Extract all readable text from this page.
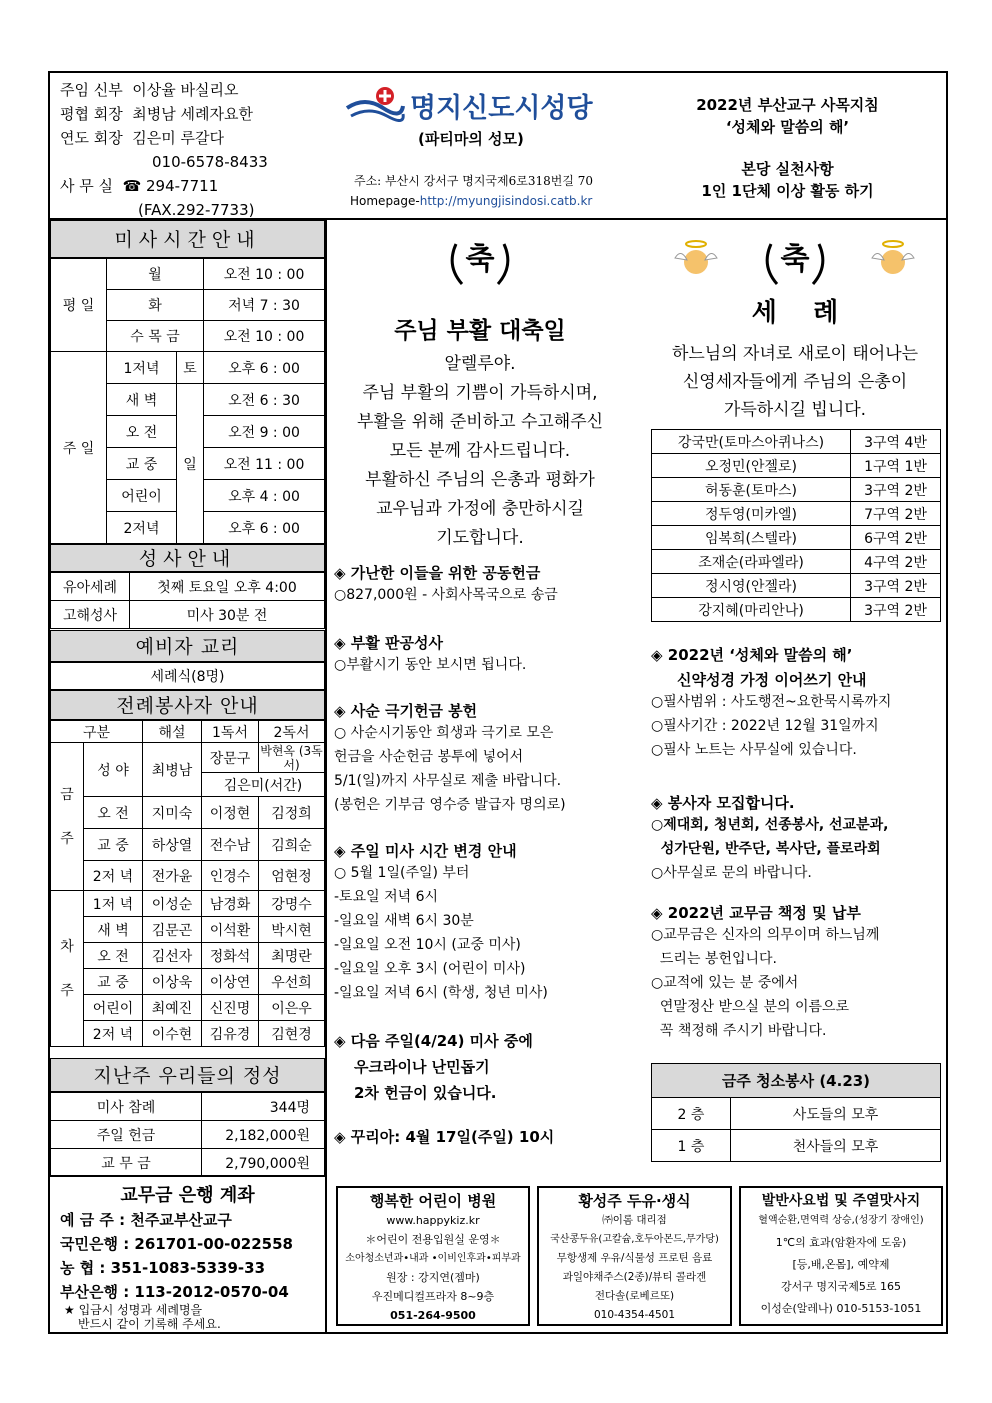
주임 신부 이상율 바실리오
평협 회장 최병남 세례자요한
연도 회장 김은미 루갈다
010-6578-8433
사 무 실 ☎ 294-7711
(FAX.292-7733)
명지신도시성당
(파티마의 성모)
주소: 부산시 강서구 명지국제6로318번길 70
Homepage-http://myungjisindosi.catb.kr
2022년 부산교구 사목지침
‘성체와 말씀의 해’
본당 실천사항
1인 1단체 이상 활동 하기
미사시간안내
평 일	월		오전 10 : 00
	화		저녁 7 : 30
	수 목 금		오전 10 : 00
주 일	1저녁	토	오후 6 : 00
	새 벽	일	오전 6 : 30
	오 전		오전 9 : 00
	교 중		오전 11 : 00
	어린이		오후 4 : 00
	2저녁		오후 6 : 00
성사안내
유아세례	첫째 토요일 오후 4:00
고해성사	미사 30분 전
예비자 교리
세례식(8명)
전례봉사자 안내
구분		해설	1독서	2독서
금

주	성 야	최병남	장문구	박현옥 (3독서)
			김은미(서간)	
	오 전	지미숙	이정현	김정희
	교 중	하상열	전수남	김희순
	2저 녁	전가윤	인경수	엄현정
차

주	1저 녁	이성순	남경화	강명수
	새 벽	김문곤	이석환	박시현
	오 전	김선자	정화석	최명란
	교 중	이상욱	이상연	우선희
	어린이	최예진	신진명	이은우
	2저 녁	이수현	김유경	김현경
지난주 우리들의 정성
미사 참례	344명
주일 헌금	2,182,000원
교 무 금	2,790,000원
교무금 은행 계좌
예 금 주 : 천주교부산교구
국민은행 : 261701-00-022558
농 협 : 351-1083-5339-33
부산은행 : 113-2012-0570-04
★ 입금시 성명과 세례명을
반드시 같이 기록해 주세요.
축
주님 부활 대축일
알렐루야.
주님 부활의 기쁨이 가득하시며,
부활을 위해 준비하고 수고해주신
모든 분께 감사드립니다.
부활하신 주님의 은총과 평화가
교우님과 가정에 충만하시길
기도합니다.
◈ 가난한 이들을 위한 공동헌금
○827,000원 - 사회사목국으로 송금
◈ 부활 판공성사
○부활시기 동안 보시면 됩니다.
◈ 사순 극기헌금 봉헌
○ 사순시기동안 희생과 극기로 모은
헌금을 사순헌금 봉투에 넣어서
5/1(일)까지 사무실로 제출 바랍니다.
(봉헌은 기부금 영수증 발급자 명의로)
◈ 주일 미사 시간 변경 안내
○ 5월 1일(주일) 부터
-토요일 저녁 6시
-일요일 새벽 6시 30분
-일요일 오전 10시 (교중 미사)
-일요일 오후 3시 (어린이 미사)
-일요일 저녁 6시 (학생, 청년 미사)
◈ 다음 주일(4/24) 미사 중에
우크라이나 난민돕기
2차 헌금이 있습니다.
◈ 꾸리아: 4월 17일(주일) 10시
축
세    례
하느님의 자녀로 새로이 태어나는
신영세자들에게 주님의 은총이
가득하시길 빕니다.
강국만(토마스아퀴나스)	3구역 4반
오정민(안젤로)	1구역 1반
허동훈(토마스)	3구역 2반
정두영(미카엘)	7구역 2반
임복희(스텔라)	6구역 2반
조재순(라파엘라)	4구역 2반
정시영(안젤라)	3구역 2반
강지혜(마리안나)	3구역 2반
◈ 2022년 ‘성체와 말씀의 해’
신약성경 가정 이어쓰기 안내
○필사범위 : 사도행전~요한묵시록까지
○필사기간 : 2022년 12월 31일까지
○필사 노트는 사무실에 있습니다.
◈ 봉사자 모집합니다.
○제대회, 청년회, 선종봉사, 선교분과,
성가단원, 반주단, 복사단, 플로라회
○사무실로 문의 바랍니다.
◈ 2022년 교무금 책정 및 납부
○교무금은 신자의 의무이며 하느님께
드리는 봉헌입니다.
○교적에 있는 분 중에서
연말정산 받으실 분의 이름으로
꼭 책정해 주시기 바랍니다.
금주 청소봉사 (4.23)	
2 층	사도들의 모후
1 층	천사들의 모후
행복한 어린이 병원
www.happykiz.kr
＊어린이 전용입원실 운영＊
소아청소년과•내과 •이비인후과•피부과
원장 : 강지연(젬마)
우진메디컬프라자 8~9층
051-264-9500
황성주 두유·생식
㈜이롬 대리점
국산콩두유(고칼슘,호두아몬드,무가당)
무항생제 우유/식물성 프로틴 음료
과일야채주스(2종)/뷰티 콜라겐
전다솔(로베르또)
010-4354-4501
발반사요법 및 주열맛사지
혈액순환,면역력 상승,(성장기 장애인)
1℃의 효과(암환자에 도움)
[등,배,온몸], 예약제
강서구 명지국제5로 165
이성순(알레나) 010-5153-1051
